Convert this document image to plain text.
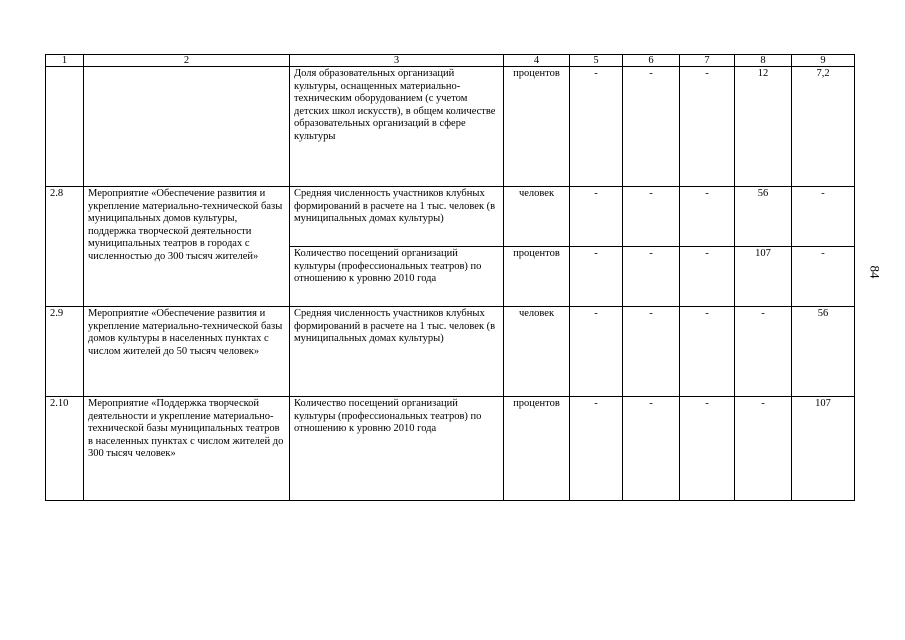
84
1	2	3	4	5	6	7	8	9
		Доля образовательных организаций культуры, оснащенных материально-техническим оборудованием (с учетом детских школ искусств), в общем количестве образовательных организаций в сфере культуры	процентов	-	-	-	12	7,2
2.8	Мероприятие «Обеспечение развития и укрепление материально-технической базы муниципальных домов культуры, поддержка творческой деятельности муниципальных театров в городах с численностью до 300 тысяч жителей»	Средняя численность участников клубных формирований в расчете на 1 тыс. человек (в муниципальных домах культуры)	человек	-	-	-	56	-
		Количество посещений организаций культуры (профессиональных театров) по отношению к уровню 2010 года	процентов	-	-	-	107	-
2.9	Мероприятие «Обеспечение развития и укрепление материально-технической базы домов культуры в населенных пунктах с числом жителей до 50 тысяч человек»	Средняя численность участников клубных формирований в расчете на 1 тыс. человек (в муниципальных домах культуры)	человек	-	-	-	-	56
2.10	Мероприятие «Поддержка творческой деятельности и укрепление материально-технической базы муниципальных театров в населенных пунктах с числом жителей до 300 тысяч человек»	Количество посещений организаций культуры (профессиональных театров) по отношению к уровню 2010 года	процентов	-	-	-	-	107
